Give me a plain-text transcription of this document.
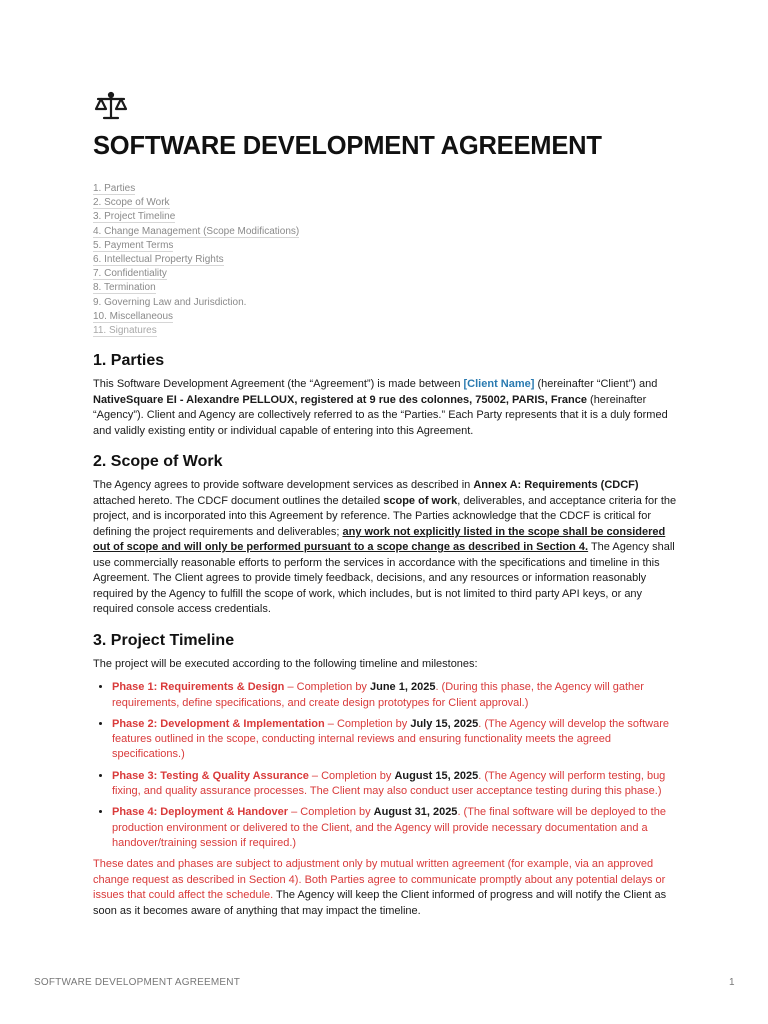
SOFTWARE DEVELOPMENT AGREEMENT
1. Parties
2. Scope of Work
3. Project Timeline
4. Change Management (Scope Modifications)
5. Payment Terms
6. Intellectual Property Rights
7. Confidentiality
8. Termination
9. Governing Law and Jurisdiction.
10. Miscellaneous
11. Signatures
1. Parties

This Software Development Agreement (the “Agreement”) is made between [Client Name] (hereinafter “Client”) and NativeSquare EI - Alexandre PELLOUX, registered at 9 rue des colonnes, 75002, PARIS, France (hereinafter “Agency”). Client and Agency are collectively referred to as the “Parties.” Each Party represents that it is a duly formed and validly existing entity or individual capable of entering into this Agreement.

2. Scope of Work

The Agency agrees to provide software development services as described in Annex A: Requirements (CDCF) attached hereto. The CDCF document outlines the detailed scope of work, deliverables, and acceptance criteria for the project, and is incorporated into this Agreement by reference. The Parties acknowledge that the CDCF is critical for defining the project requirements and deliverables; any work not explicitly listed in the scope shall be considered out of scope and will only be performed pursuant to a scope change as described in Section 4. The Agency shall use commercially reasonable efforts to perform the services in accordance with the specifications and timeline in this Agreement. The Client agrees to provide timely feedback, decisions, and any resources or information reasonably required by the Agency to fulfill the scope of work, which includes, but is not limited to third party API keys, or any required console access credentials.

3. Project Timeline

The project will be executed according to the following timeline and milestones:

• Phase 1: Requirements & Design – Completion by June 1, 2025. (During this phase, the Agency will gather requirements, define specifications, and create design prototypes for Client approval.)
• Phase 2: Development & Implementation – Completion by July 15, 2025. (The Agency will develop the software features outlined in the scope, conducting internal reviews and ensuring functionality meets the agreed specifications.)
• Phase 3: Testing & Quality Assurance – Completion by August 15, 2025. (The Agency will perform testing, bug fixing, and quality assurance processes. The Client may also conduct user acceptance testing during this phase.)
• Phase 4: Deployment & Handover – Completion by August 31, 2025. (The final software will be deployed to the production environment or delivered to the Client, and the Agency will provide necessary documentation and a handover/training session if required.)

These dates and phases are subject to adjustment only by mutual written agreement (for example, via an approved change request as described in Section 4). Both Parties agree to communicate promptly about any potential delays or issues that could affect the schedule. The Agency will keep the Client informed of progress and will notify the Client as soon as it becomes aware of anything that may impact the timeline.

SOFTWARE DEVELOPMENT AGREEMENT	1
